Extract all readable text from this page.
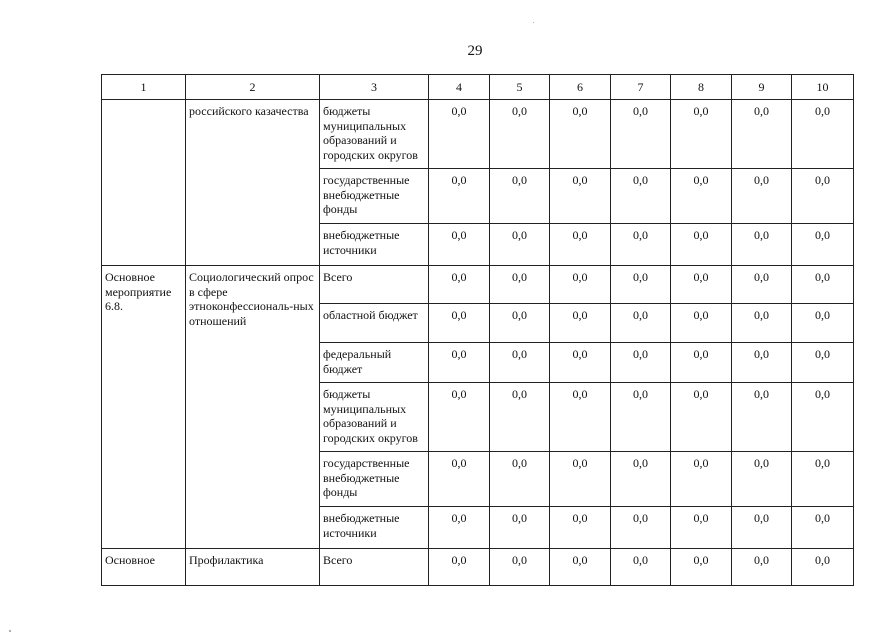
29
1	2	3	4	5	6	7	8	9	10
	российского казачества	бюджеты муниципальных образований и городских округов	0,0	0,0	0,0	0,0	0,0	0,0	0,0
		государственные внебюджетные фонды	0,0	0,0	0,0	0,0	0,0	0,0	0,0
		внебюджетные источники	0,0	0,0	0,0	0,0	0,0	0,0	0,0
Основное мероприятие 6.8.	Социологический опрос в сфере этноконфессиональ-ных отношений	Всего	0,0	0,0	0,0	0,0	0,0	0,0	0,0
		областной бюджет	0,0	0,0	0,0	0,0	0,0	0,0	0,0
		федеральный бюджет	0,0	0,0	0,0	0,0	0,0	0,0	0,0
		бюджеты муниципальных образований и городских округов	0,0	0,0	0,0	0,0	0,0	0,0	0,0
		государственные внебюджетные фонды	0,0	0,0	0,0	0,0	0,0	0,0	0,0
		внебюджетные источники	0,0	0,0	0,0	0,0	0,0	0,0	0,0
Основное	Профилактика	Всего	0,0	0,0	0,0	0,0	0,0	0,0	0,0
